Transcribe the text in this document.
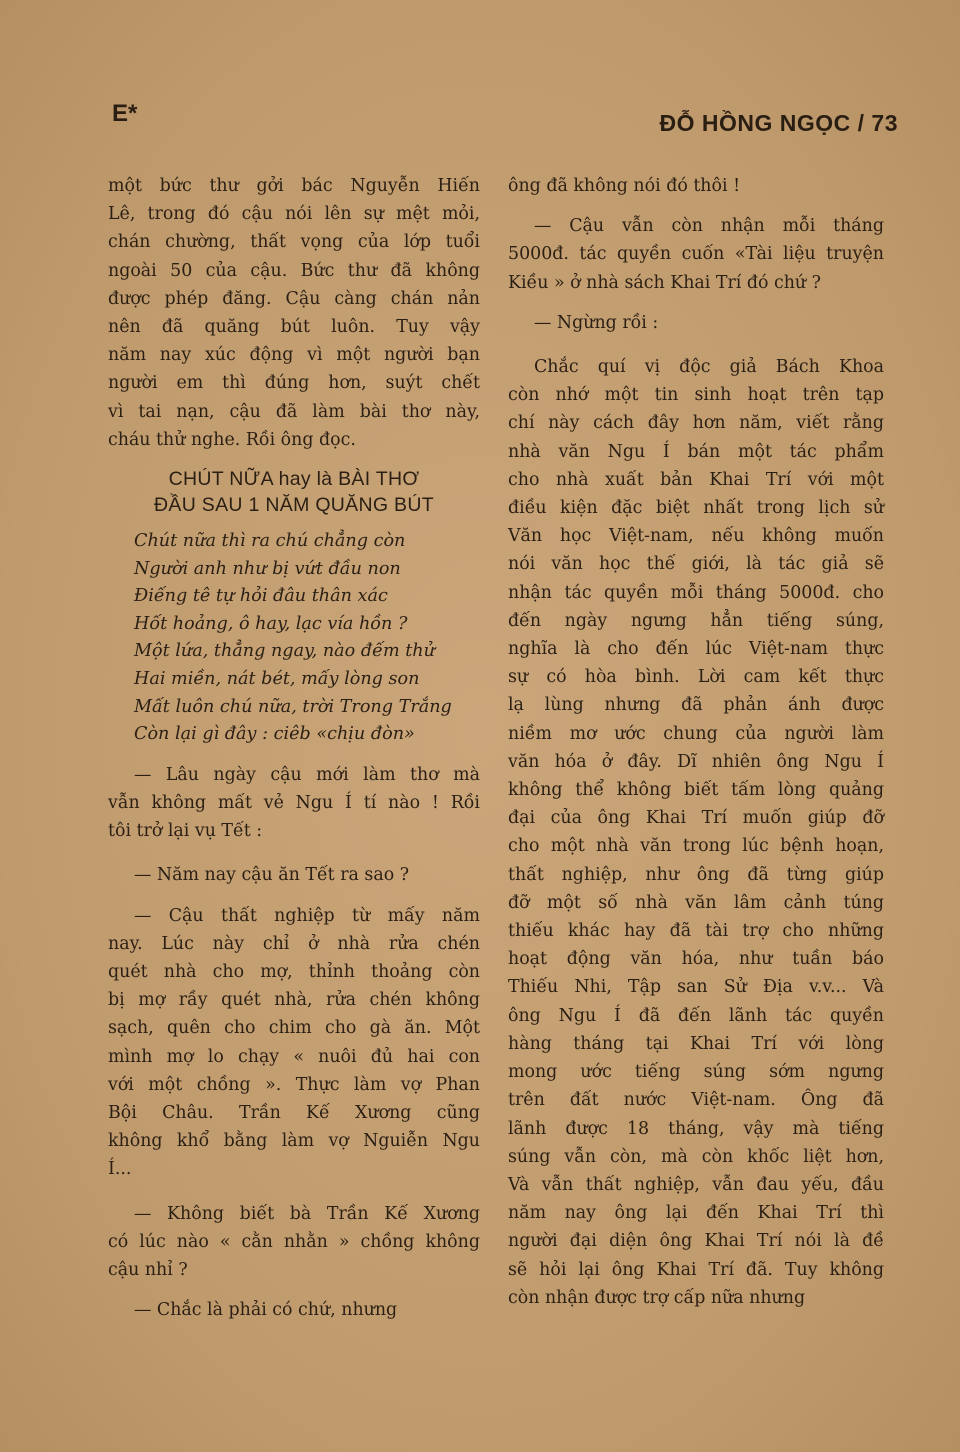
E*	ĐỖ HỒNG NGỌC / 73
một bức thư gởi bác Nguyễn Hiến
Lê, trong đó cậu nói lên sự mệt mỏi,
chán chường, thất vọng của lớp tuổi
ngoài 50 của cậu. Bức thư đã không
được phép đăng. Cậu càng chán nản
nên đã quăng bút luôn. Tuy vậy
năm nay xúc động vì một người bạn
người em thì đúng hơn, suýt chết
vì tai nạn, cậu đã làm bài thơ này,
cháu thử nghe. Rồi ông đọc.
CHÚT NỮA hay là BÀI THƠ
ĐẦU SAU 1 NĂM QUĂNG BÚT
Chút nữa thì ra chú chẳng còn
Người anh như bị vứt đầu non
Điếng tê tự hỏi đâu thân xác
Hốt hoảng, ô hay, lạc vía hồn ?
Một lứa, thẳng ngay, nào đếm thử
Hai miền, nát bét, mấy lòng son
Mất luôn chú nữa, trời Trong Trắng
Còn lại gì đây : ciêb «chịu đòn»
— Lâu ngày cậu mới làm thơ mà
vẫn không mất vẻ Ngu Í tí nào ! Rồi
tôi trở lại vụ Tết :
— Năm nay cậu ăn Tết ra sao ?
— Cậu thất nghiệp từ mấy năm
nay. Lúc này chỉ ở nhà rửa chén
quét nhà cho mợ, thỉnh thoảng còn
bị mợ rầy quét nhà, rửa chén không
sạch, quên cho chim cho gà ăn. Một
mình mợ lo chạy « nuôi đủ hai con
với một chồng ». Thực làm vợ Phan
Bội Châu. Trần Kế Xương cũng
không khổ bằng làm vợ Nguiễn Ngu
Í...
— Không biết bà Trần Kế Xương
có lúc nào « cằn nhằn » chồng không
cậu nhỉ ?
— Chắc là phải có chứ, nhưng
ông đã không nói đó thôi !
— Cậu vẫn còn nhận mỗi tháng
5000đ. tác quyền cuốn «Tài liệu truyện
Kiều » ở nhà sách Khai Trí đó chứ ?
— Ngừng rồi :
Chắc quí vị độc giả Bách Khoa
còn nhớ một tin sinh hoạt trên tạp
chí này cách đây hơn năm, viết rằng
nhà văn Ngu Í bán một tác phẩm
cho nhà xuất bản Khai Trí với một
điều kiện đặc biệt nhất trong lịch sử
Văn học Việt-nam, nếu không muốn
nói văn học thế giới, là tác giả sẽ
nhận tác quyền mỗi tháng 5000đ. cho
đến ngày ngưng hẳn tiếng súng,
nghĩa là cho đến lúc Việt-nam thực
sự có hòa bình. Lời cam kết thực
lạ lùng nhưng đã phản ánh được
niềm mơ ước chung của người làm
văn hóa ở đây. Dĩ nhiên ông Ngu Í
không thể không biết tấm lòng quảng
đại của ông Khai Trí muốn giúp đỡ
cho một nhà văn trong lúc bệnh hoạn,
thất nghiệp, như ông đã từng giúp
đỡ một số nhà văn lâm cảnh túng
thiếu khác hay đã tài trợ cho những
hoạt động văn hóa, như tuần báo
Thiếu Nhi, Tập san Sử Địa v.v... Và
ông Ngu Í đã đến lãnh tác quyền
hàng tháng tại Khai Trí với lòng
mong ước tiếng súng sớm ngưng
trên đất nước Việt-nam. Ông đã
lãnh được 18 tháng, vậy mà tiếng
súng vẫn còn, mà còn khốc liệt hơn,
Và vẫn thất nghiệp, vẫn đau yếu, đầu
năm nay ông lại đến Khai Trí thì
người đại diện ông Khai Trí nói là đề
sẽ hỏi lại ông Khai Trí đã. Tuy không
còn nhận được trợ cấp nữa nhưng
